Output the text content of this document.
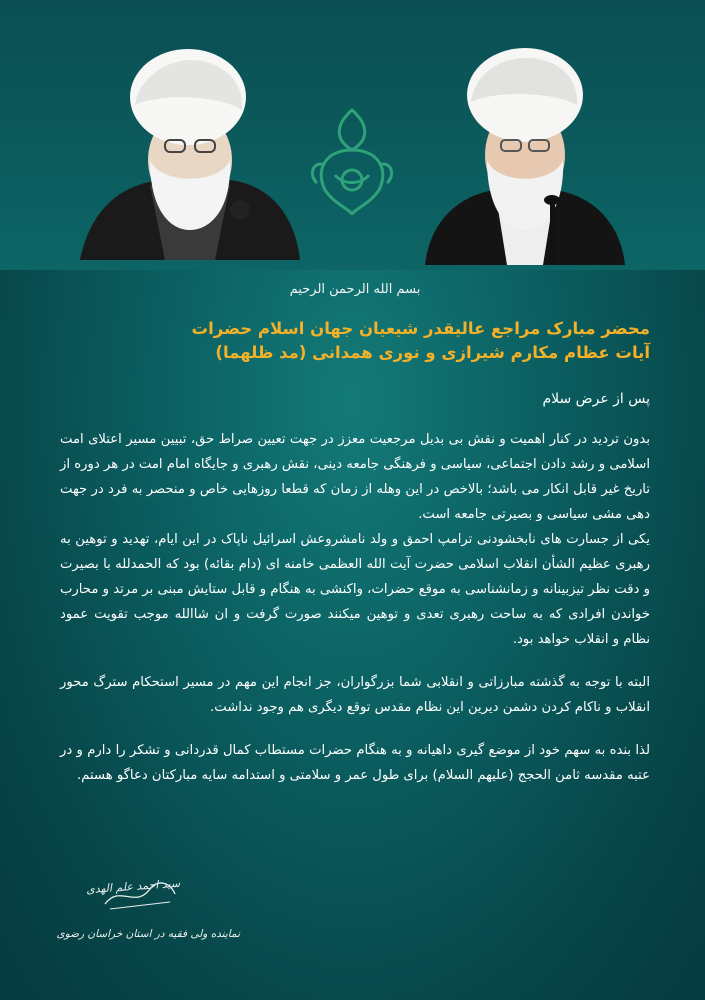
بسم الله الرحمن الرحیم

محضر مبارک مراجع عالیقدر شیعیان جهان اسلام حضرات

آیات عظام مکارم شیرازی و نوری همدانی (مد ظلهما)

پس از عرض سلام

بدون تردید در کنار اهمیت و نقش بی بدیل مرجعیت معزز در جهت تعیین صراط حق، تبیین مسیر اعتلای امت اسلامی و رشد دادن اجتماعی، سیاسی و فرهنگی جامعه دینی، نقش رهبری و جایگاه امام امت در هر دوره از تاریخ غیر قابل انکار می باشد؛ بالاخص در این وهله از زمان که قطعا روزهایی خاص و منحصر به فرد در جهت دهی مشی سیاسی و بصیرتی جامعه است.

یکی از جسارت های نابخشودنی ترامپ احمق و ولد نامشروعش اسرائیل ناپاک در این ایام، تهدید و توهین به رهبری عظیم الشأن انقلاب اسلامی حضرت آیت الله العظمی خامنه ای (دام بقائه) بود که الحمدلله با بصیرت و دقت نظر تیزبینانه و زمانشناسی به موقع حضرات، واکنشی به هنگام و قابل ستایش مبنی بر مرتد و محارب خواندن افرادی که به ساحت رهبری تعدی و توهین میکنند صورت گرفت و ان شاالله موجب تقویت عمود نظام و انقلاب خواهد بود.

البته با توجه به گذشته مبارزاتی و انقلابی شما بزرگواران، جز انجام این مهم در مسیر استحکام سترگ محور انقلاب و ناکام کردن دشمن دیرین این نظام مقدس توقع دیگری هم وجود نداشت.

لذا بنده به سهم خود از موضع گیری داهیانه و به هنگام حضرات مستطاب کمال قدردانی و تشکر را دارم و در عتبه مقدسه ثامن الحجج (علیهم السلام) برای طول عمر و سلامتی و استدامه سایه مبارکتان دعاگو هستم.

سید احمد علم الهدی
نماینده ولی فقیه در استان خراسان رضوی
